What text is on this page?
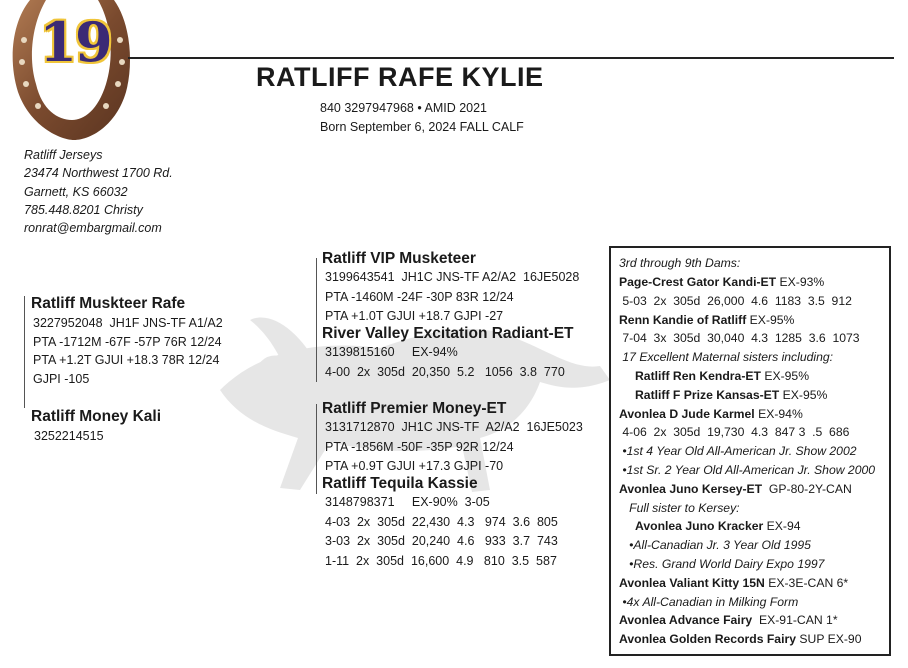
19
RATLIFF RAFE KYLIE
840 3297947968 • AMID 2021
Born September 6, 2024 FALL CALF
Ratliff Jerseys
23474 Northwest 1700 Rd.
Garnett, KS 66032
785.448.8201 Christy
ronrat@embargmail.com
Ratliff Muskteer Rafe
3227952048  JH1F JNS-TF A1/A2
PTA -1712M -67F -57P 76R 12/24
PTA +1.2T GJUI +18.3 78R 12/24
GJPI -105
Ratliff Money Kali
3252214515
Ratliff VIP Musketeer
3199643541  JH1C JNS-TF A2/A2  16JE5028
PTA -1460M -24F -30P 83R 12/24
PTA +1.0T GJUI +18.7 GJPI -27
River Valley Excitation Radiant-ET
3139815160     EX-94%
4-00  2x  305d  20,350  5.2   1056  3.8  770
Ratliff Premier Money-ET
3131712870  JH1C JNS-TF  A2/A2  16JE5023
PTA -1856M -50F -35P 92R 12/24
PTA +0.9T GJUI +17.3 GJPI -70
Ratliff Tequila Kassie
3148798371     EX-90%  3-05
4-03  2x  305d  22,430  4.3   974  3.6  805
3-03  2x  305d  20,240  4.6   933  3.7  743
1-11  2x  305d  16,600  4.9   810  3.5  587
3rd through 9th Dams:
Page-Crest Gator Kandi-ET EX-93%
5-03  2x  305d  26,000  4.6  1183  3.5  912
Renn Kandie of Ratliff EX-95%
7-04  3x  305d  30,040  4.3  1285  3.6  1073
17 Excellent Maternal sisters including:
Ratliff Ren Kendra-ET EX-95%
Ratliff F Prize Kansas-ET EX-95%
Avonlea D Jude Karmel EX-94%
4-06  2x  305d  19,730  4.3  847 3  .5  686
•1st 4 Year Old All-American Jr. Show 2002
•1st Sr. 2 Year Old All-American Jr. Show 2000
Avonlea Juno Kersey-ET  GP-80-2Y-CAN
Full sister to Kersey:
Avonlea Juno Kracker EX-94
•All-Canadian Jr. 3 Year Old 1995
•Res. Grand World Dairy Expo 1997
Avonlea Valiant Kitty 15N EX-3E-CAN 6*
•4x All-Canadian in Milking Form
Avonlea Advance Fairy  EX-91-CAN 1*
Avonlea Golden Records Fairy SUP EX-90
